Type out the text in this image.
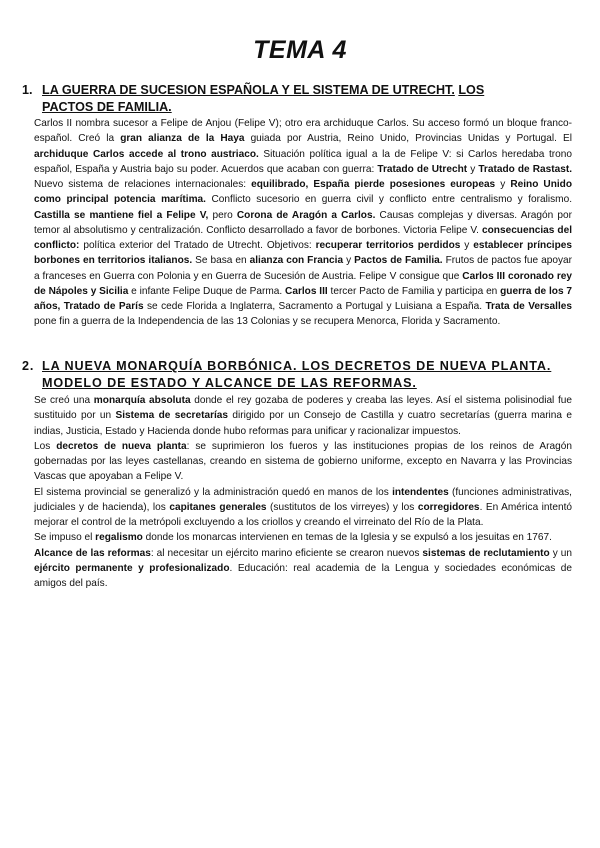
TEMA 4
1. LA GUERRA DE SUCESION ESPAÑOLA Y EL SISTEMA DE UTRECHT. LOS
PACTOS DE FAMILIA.

Carlos II nombra sucesor a Felipe de Anjou (Felipe V); otro era archiduque Carlos. Su acceso formó un bloque franco-español. Creó la gran alianza de la Haya guiada por Austria, Reino Unido, Provincias Unidas y Portugal. El archiduque Carlos accede al trono austriaco. Situación política igual a la de Felipe V: si Carlos heredaba trono español, España y Austria bajo su poder. Acuerdos que acaban con guerra: Tratado de Utrecht y Tratado de Rastast. Nuevo sistema de relaciones internacionales: equilibrado, España pierde posesiones europeas y Reino Unido como principal potencia marítima. Conflicto sucesorio en guerra civil y conflicto entre centralismo y foralismo. Castilla se mantiene fiel a Felipe V, pero Corona de Aragón a Carlos. Causas complejas y diversas. Aragón por temor al absolutismo y centralización. Conflicto desarrollado a favor de borbones. Victoria Felipe V. consecuencias del conflicto: política exterior del Tratado de Utrecht. Objetivos: recuperar territorios perdidos y establecer príncipes borbones en territorios italianos. Se basa en alianza con Francia y Pactos de Familia. Frutos de pactos fue apoyar a franceses en Guerra con Polonia y en Guerra de Sucesión de Austria. Felipe V consigue que Carlos III coronado rey de Nápoles y Sicilia e infante Felipe Duque de Parma. Carlos III tercer Pacto de Familia y participa en guerra de los 7 años, Tratado de París se cede Florida a Inglaterra, Sacramento a Portugal y Luisiana a España. Trata de Versalles pone fin a guerra de la Independencia de las 13 Colonias y se recupera Menorca, Florida y Sacramento.

2. LA NUEVA MONARQUÍA BORBÓNICA. LOS DECRETOS DE NUEVA PLANTA.
MODELO DE ESTADO Y ALCANCE DE LAS REFORMAS.

Se creó una monarquía absoluta donde el rey gozaba de poderes y creaba las leyes. Así el sistema polisinodial fue sustituido por un Sistema de secretarías dirigido por un Consejo de Castilla y cuatro secretarías (guerra marina e indias, Justicia, Estado y Hacienda donde hubo reformas para unificar y racionalizar impuestos.

Los decretos de nueva planta: se suprimieron los fueros y las instituciones propias de los reinos de Aragón gobernadas por las leyes castellanas, creando en sistema de gobierno uniforme, excepto en Navarra y las Provincias Vascas que apoyaban a Felipe V.

El sistema provincial se generalizó y la administración quedó en manos de los intendentes (funciones administrativas, judiciales y de hacienda), los capitanes generales (sustitutos de los virreyes) y los corregidores. En América intentó mejorar el control de la metrópoli excluyendo a los criollos y creando el virreinato del Río de la Plata.

Se impuso el regalismo donde los monarcas intervienen en temas de la Iglesia y se expulsó a los jesuitas en 1767.

Alcance de las reformas: al necesitar un ejército marino eficiente se crearon nuevos sistemas de reclutamiento y un ejército permanente y profesionalizado. Educación: real academia de la Lengua y sociedades económicas de amigos del país.
